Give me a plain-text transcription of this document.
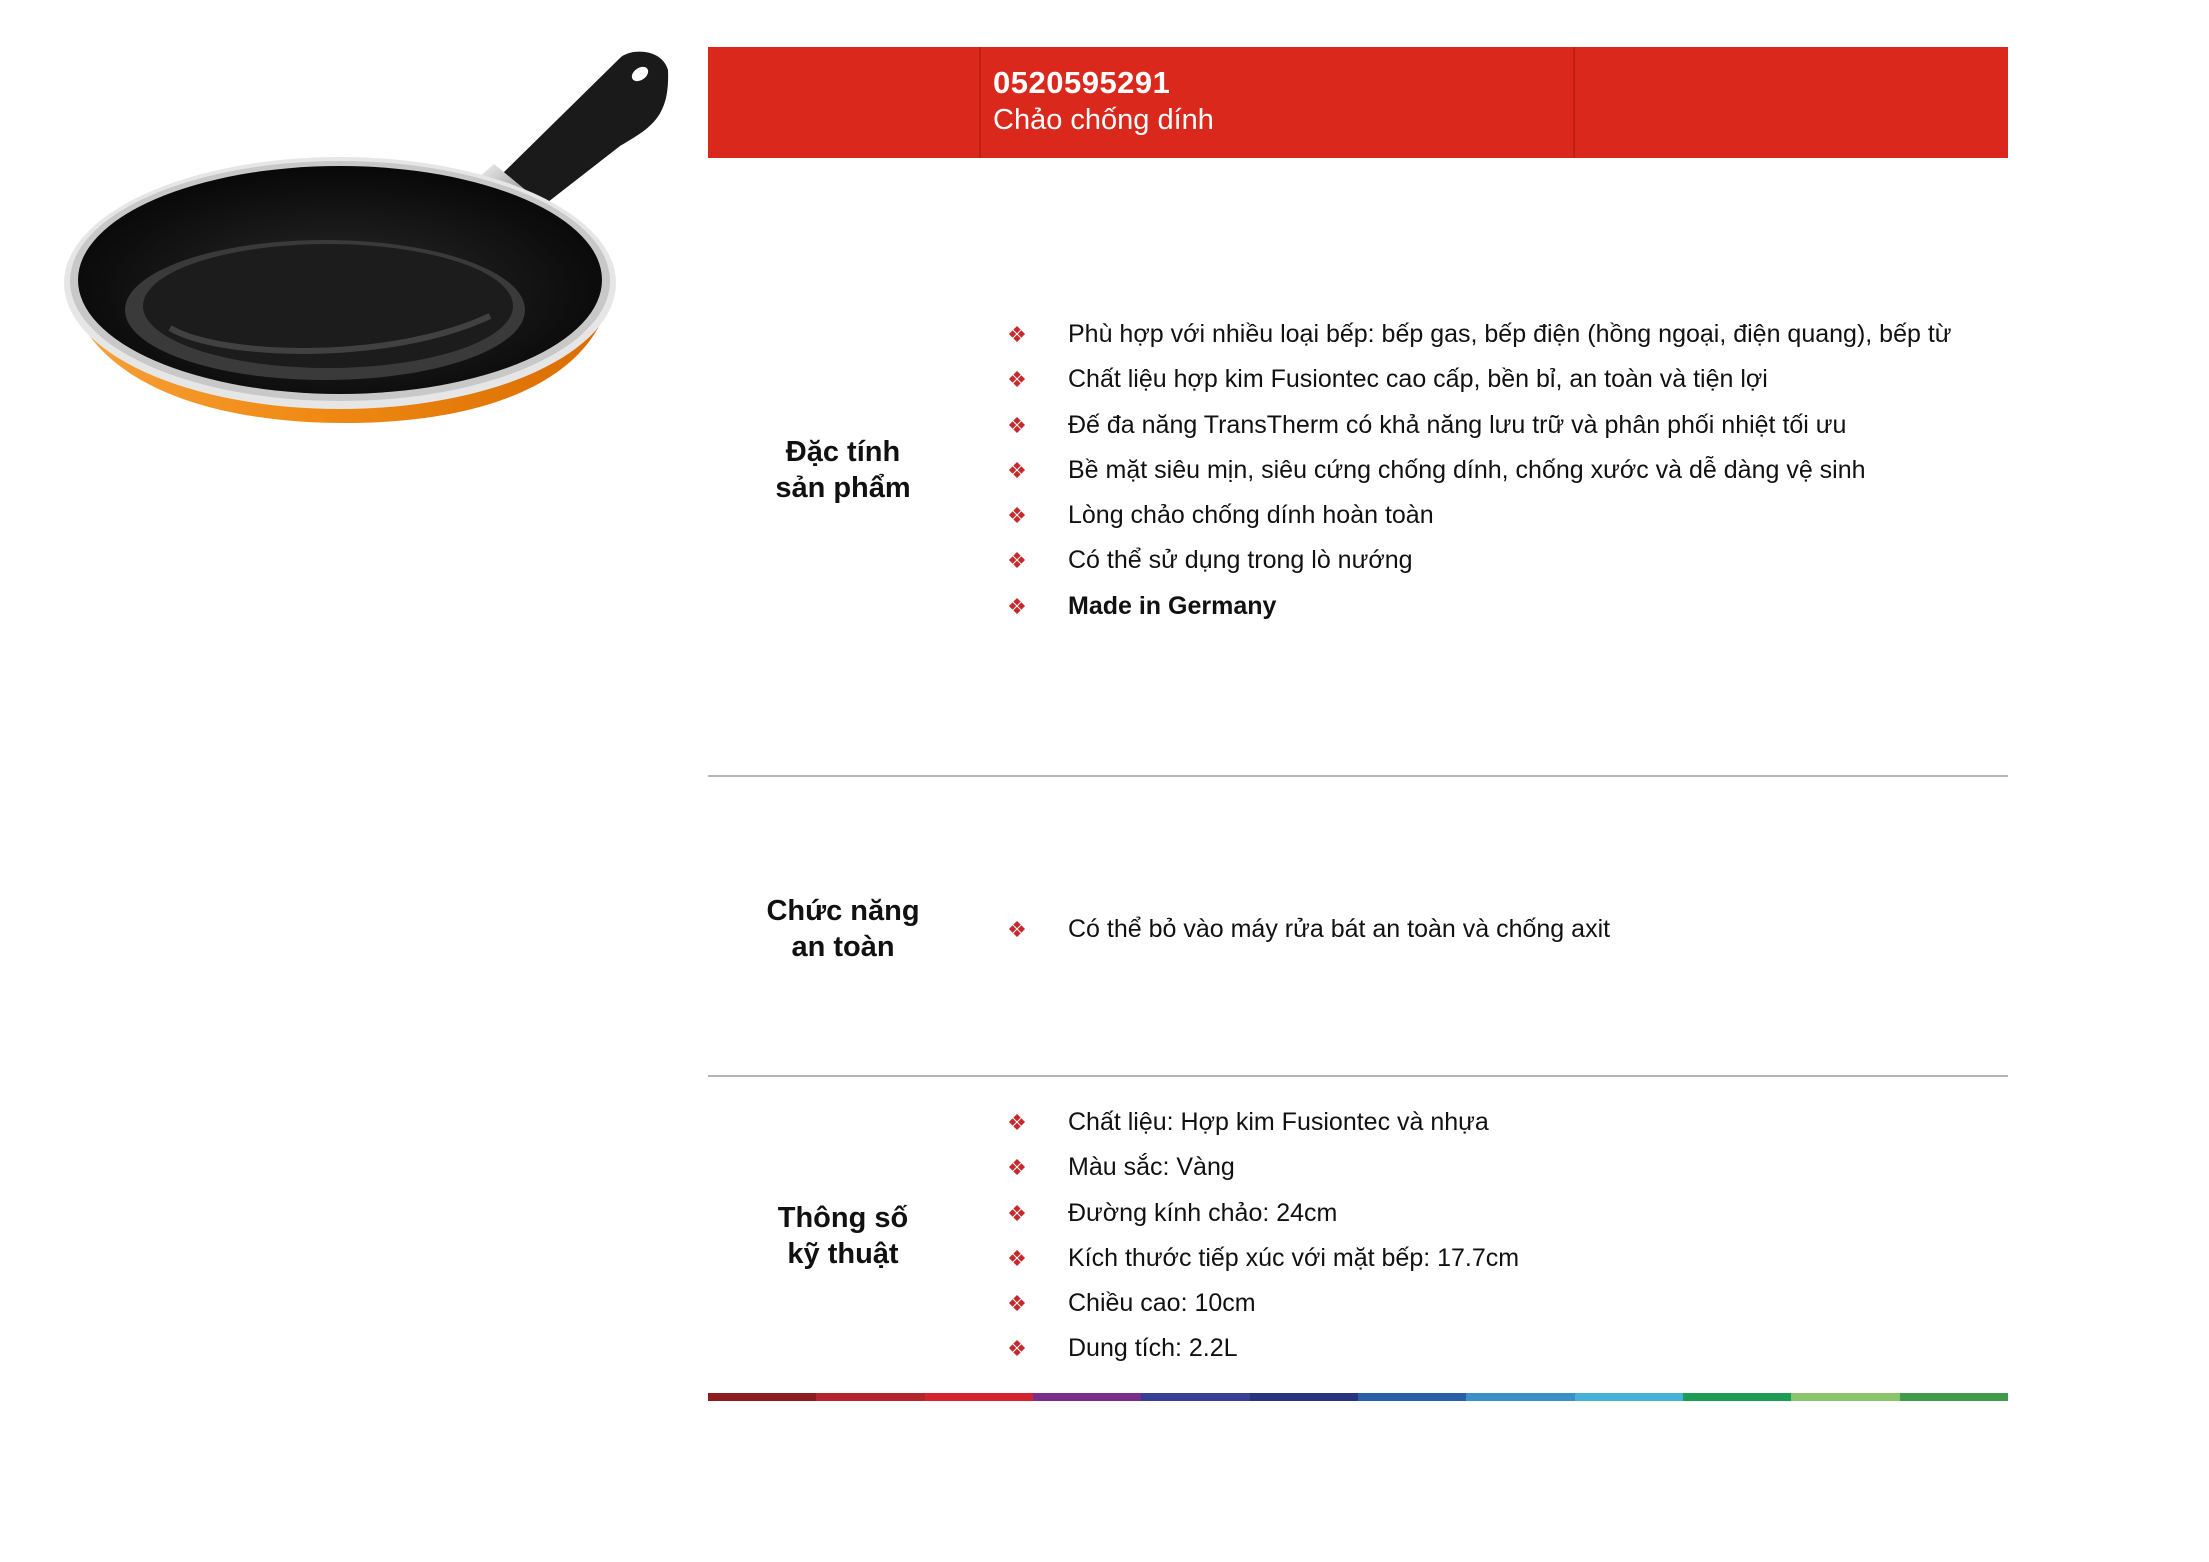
0520595291
Chảo chống dính
Đặc tính
sản phẩm
❖ Phù hợp với nhiều loại bếp: bếp gas, bếp điện (hồng ngoại, điện quang), bếp từ
❖ Chất liệu hợp kim Fusiontec cao cấp, bền bỉ, an toàn và tiện lợi
❖ Đế đa năng TransTherm có khả năng lưu trữ và phân phối nhiệt tối ưu
❖ Bề mặt siêu mịn, siêu cứng chống dính, chống xước và dễ dàng vệ sinh
❖ Lòng chảo chống dính hoàn toàn
❖ Có thể sử dụng trong lò nướng
❖ Made in Germany
Chức năng
an toàn
❖ Có thể bỏ vào máy rửa bát an toàn và chống axit
Thông số
kỹ thuật
❖ Chất liệu: Hợp kim Fusiontec và nhựa
❖ Màu sắc: Vàng
❖ Đường kính chảo: 24cm
❖ Kích thước tiếp xúc với mặt bếp: 17.7cm
❖ Chiều cao: 10cm
❖ Dung tích: 2.2L
